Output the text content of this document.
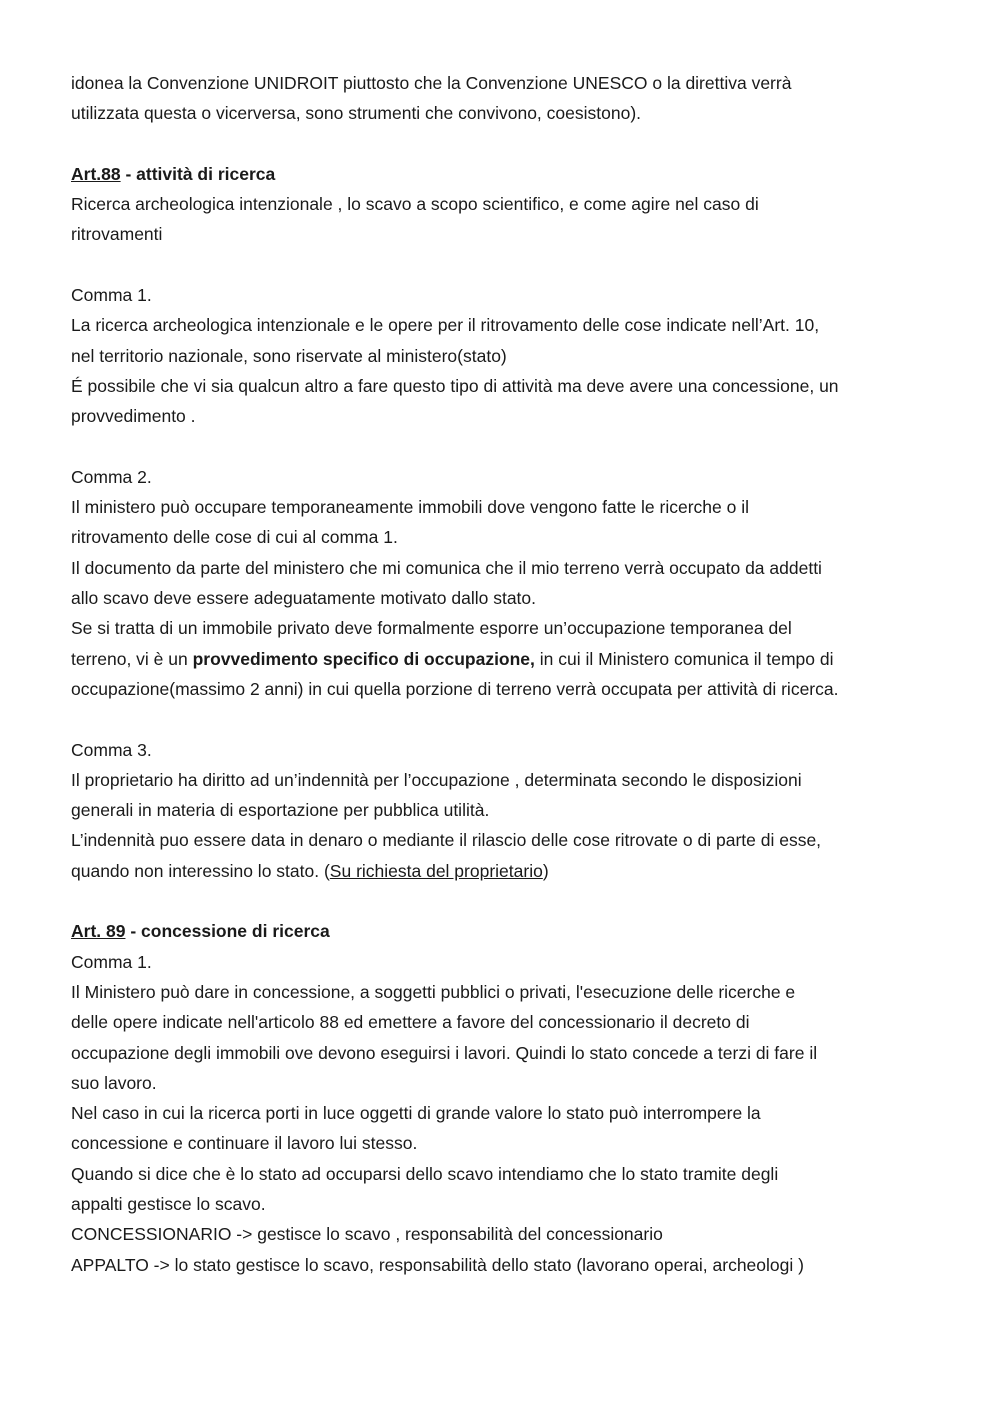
idonea la Convenzione UNIDROIT piuttosto che la Convenzione UNESCO o la direttiva verrà
utilizzata questa o vicerversa, sono strumenti che convivono, coesistono).
Art.88 - attività di ricerca
Ricerca archeologica intenzionale , lo scavo a scopo scientifico, e come agire nel caso di
ritrovamenti
Comma 1.
La ricerca archeologica intenzionale e le opere per il ritrovamento delle cose indicate nell’Art. 10,
nel territorio nazionale, sono riservate al ministero(stato)
É possibile che vi sia qualcun altro a fare questo tipo di attività ma deve avere una concessione, un
provvedimento .
Comma 2.
Il ministero può occupare temporaneamente immobili dove vengono fatte le ricerche o il
ritrovamento delle cose di cui al comma 1.
Il documento da parte del ministero che mi comunica che il mio terreno verrà occupato da addetti
allo scavo deve essere adeguatamente motivato dallo stato.
Se si tratta di un immobile privato deve formalmente esporre un’occupazione temporanea del
terreno, vi è un provvedimento specifico di occupazione, in cui il Ministero comunica il tempo di
occupazione(massimo 2 anni) in cui quella porzione di terreno verrà occupata per attività di ricerca.
Comma 3.
Il proprietario ha diritto ad un’indennità per l’occupazione , determinata secondo le disposizioni
generali in materia di esportazione per pubblica utilità.
L’indennità puo essere data in denaro o mediante il rilascio delle cose ritrovate o di parte di esse,
quando non interessino lo stato. (Su richiesta del proprietario)
Art. 89 - concessione di ricerca
Comma 1.
Il Ministero può dare in concessione, a soggetti pubblici o privati, l'esecuzione delle ricerche e
delle opere indicate nell'articolo 88 ed emettere a favore del concessionario il decreto di
occupazione degli immobili ove devono eseguirsi i lavori. Quindi lo stato concede a terzi di fare il
suo lavoro.
Nel caso in cui la ricerca porti in luce oggetti di grande valore lo stato può interrompere la
concessione e continuare il lavoro lui stesso.
Quando si dice che è lo stato ad occuparsi dello scavo intendiamo che lo stato tramite degli
appalti gestisce lo scavo.
CONCESSIONARIO -> gestisce lo scavo , responsabilità del concessionario
APPALTO -> lo stato gestisce lo scavo, responsabilità dello stato (lavorano operai, archeologi )
